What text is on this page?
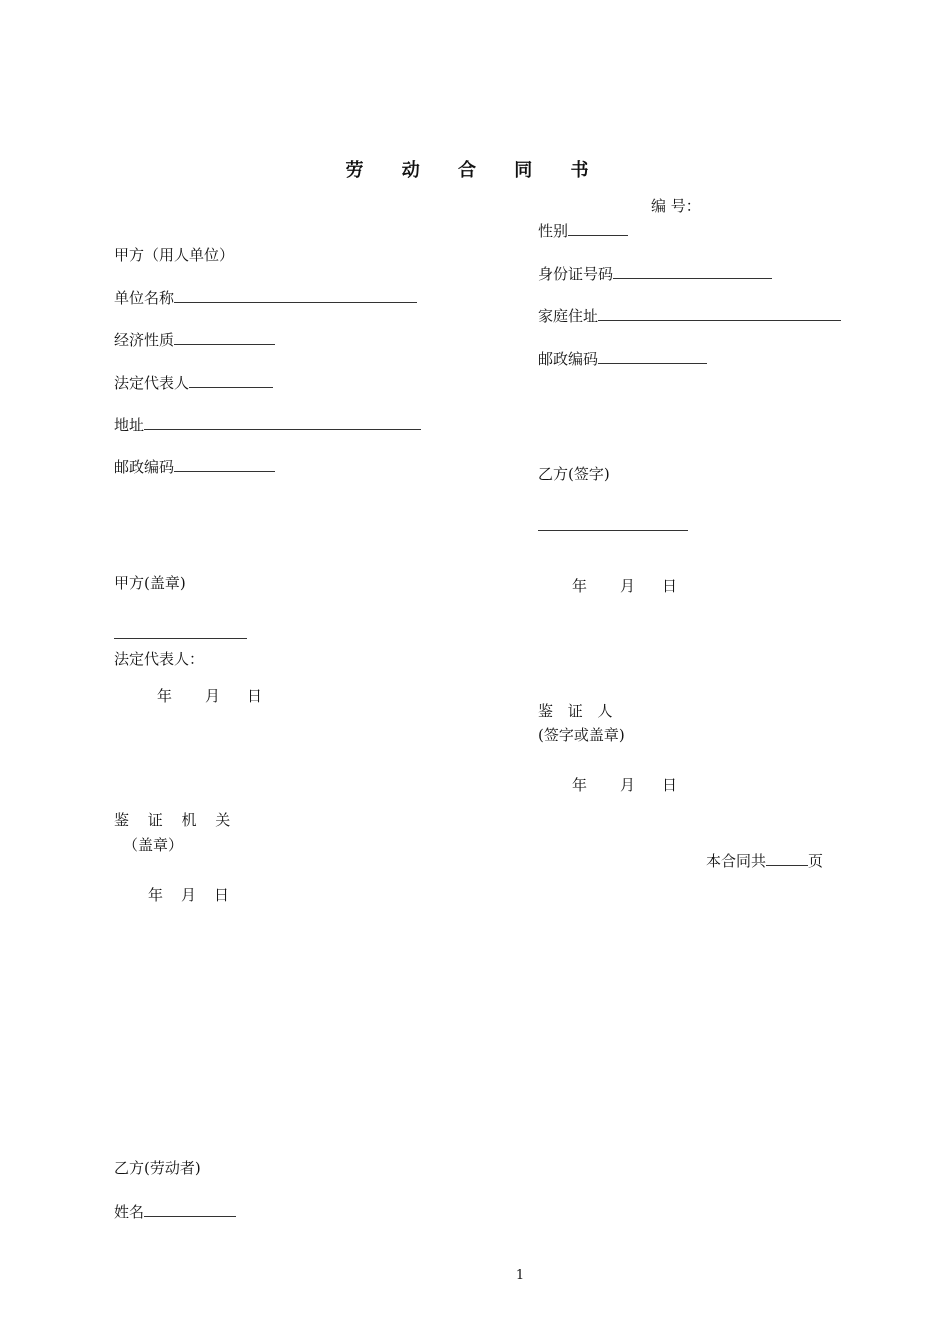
劳 动 合 同 书
编 号：
甲方（用人单位）
单位名称
经济性质
法定代表人
地址
邮政编码
甲方(盖章)
法定代表人：
年 月 日
鉴 证 机 关
（盖章）
年 月 日
乙方(劳动者)
姓名
性别
身份证号码
家庭住址
邮政编码
乙方(签字)
年 月 日
鉴 证 人
(签字或盖章)
年 月 日
本合同共	页
1
